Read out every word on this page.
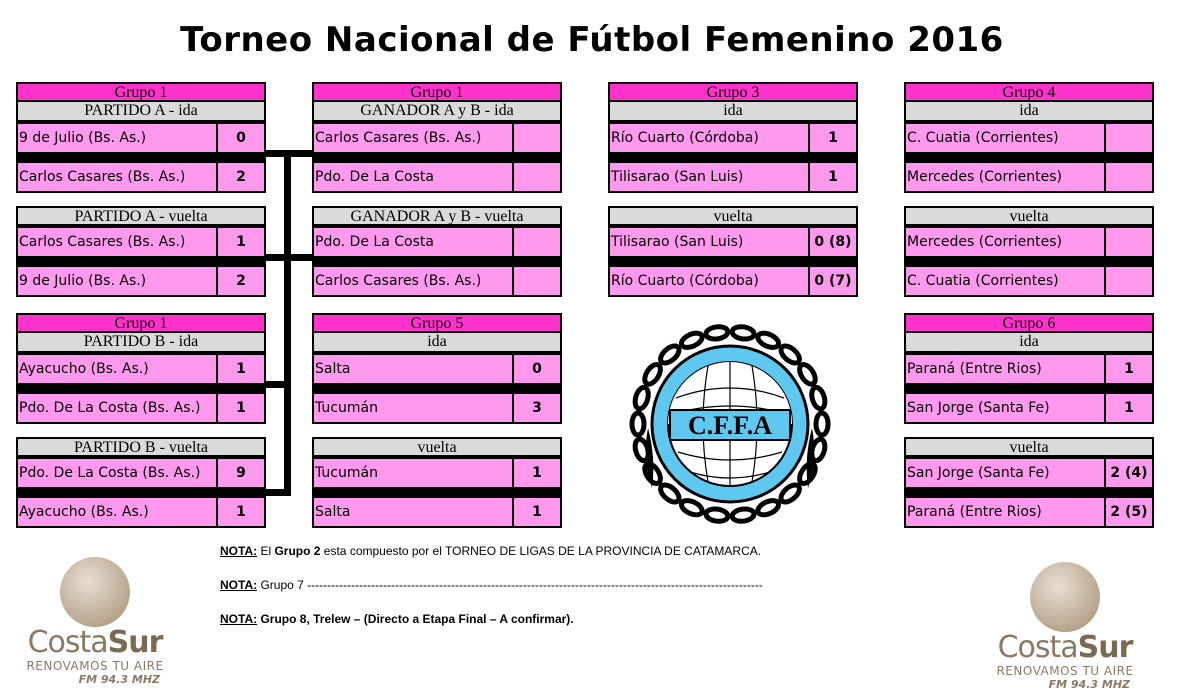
Torneo Nacional de Fútbol Femenino 2016
Grupo 1
PARTIDO A - ida
9 de Julio (Bs. As.)	0
Carlos Casares (Bs. As.)	2
PARTIDO A - vuelta
Carlos Casares (Bs. As.)	1
9 de Julio (Bs. As.)	2
Grupo 1
PARTIDO B - ida
Ayacucho (Bs. As.)	1
Pdo. De La Costa (Bs. As.)	1
PARTIDO B - vuelta
Pdo. De La Costa (Bs. As.)	9
Ayacucho (Bs. As.)	1
Grupo 1
GANADOR A y B - ida
Carlos Casares (Bs. As.)
Pdo. De La Costa
GANADOR A y B - vuelta
Pdo. De La Costa
Carlos Casares (Bs. As.)
Grupo 5
ida
Salta	0
Tucumán	3
vuelta
Tucumán	1
Salta	1
Grupo 3
ida
Río Cuarto (Córdoba)	1
Tilisarao (San Luis)	1
vuelta
Tilisarao (San Luis)	0 (8)
Río Cuarto (Córdoba)	0 (7)
Grupo 4
ida
C. Cuatia (Corrientes)
Mercedes (Corrientes)
vuelta
Mercedes (Corrientes)
C. Cuatia (Corrientes)
Grupo 6
ida
Paraná (Entre Rios)	1
San Jorge (Santa Fe)	1
vuelta
San Jorge (Santa Fe)	2 (4)
Paraná (Entre Rios)	2 (5)
C.F.F.A
NOTA: El Grupo 2 esta compuesto por el TORNEO DE LIGAS DE LA PROVINCIA DE CATAMARCA.
NOTA: Grupo 7 ------------------------------------------------------------------------------------------------------------------
NOTA: Grupo 8, Trelew – (Directo a Etapa Final – A confirmar).
CostaSur
RENOVAMOS TU AIRE
FM 94.3 MHZ
CostaSur
RENOVAMOS TU AIRE
FM 94.3 MHZ
